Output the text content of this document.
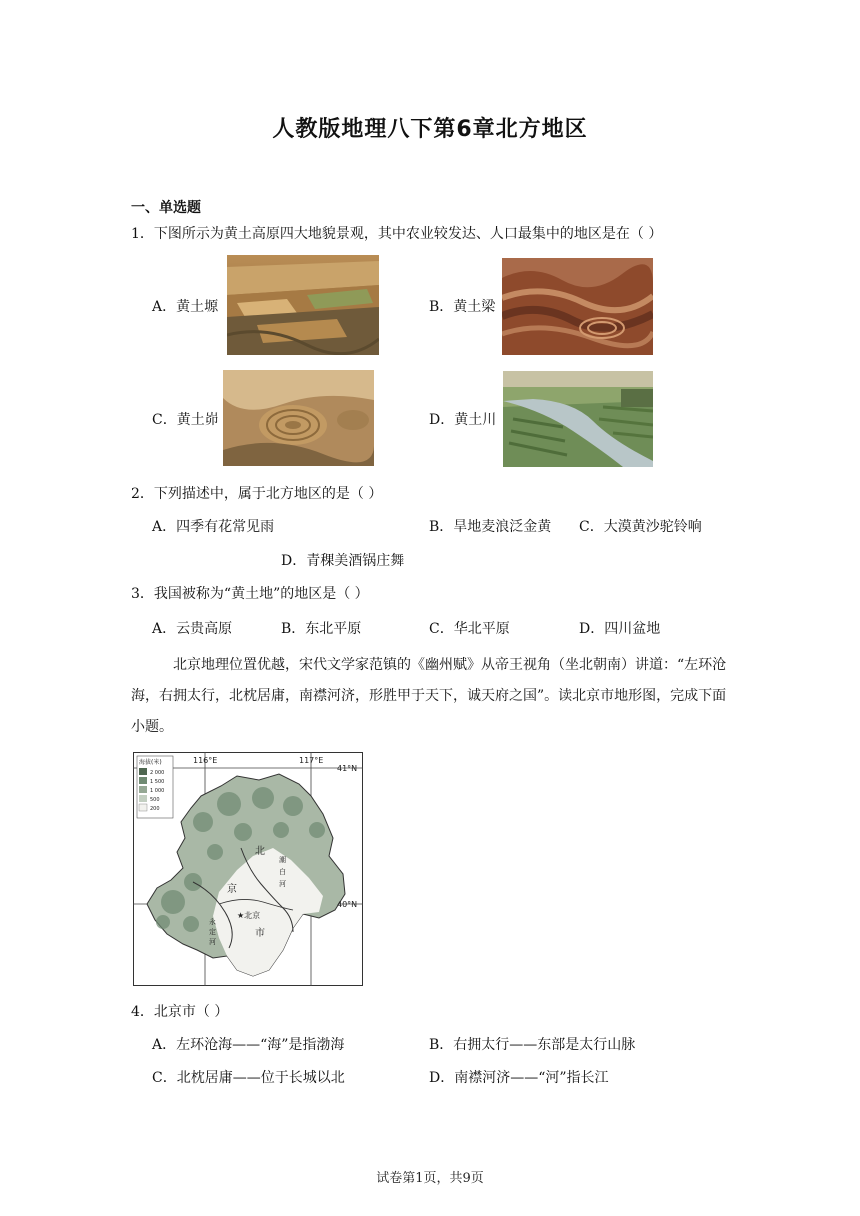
人教版地理八下第6章北方地区
一、单选题
1．下图所示为黄土高原四大地貌景观，其中农业较发达、人口最集中的地区是在（ ）
A．黄土塬	B．黄土梁
C．黄土峁	D．黄土川
2．下列描述中，属于北方地区的是（ ）
A．四季有花常见雨	B．旱地麦浪泛金黄 C．大漠黄沙驼铃响
D．青稞美酒锅庄舞
3．我国被称为“黄土地”的地区是（ ）
A．云贵高原	B．东北平原	C．华北平原	D．四川盆地
北京地理位置优越，宋代文学家范镇的《幽州赋》从帝王视角（坐北朝南）讲道：“左环沧海，右拥太行，北枕居庸，南襟河济，形胜甲于天下，诚天府之国”。读北京市地形图，完成下面小题。
海拔(米)
2 000
1 500
1 000
500
200
116°E	117°E
41°N
40°N
北
京
市
潮
白
河
永
定
河
★北京
4．北京市（ ）
A．左环沧海——“海”是指渤海	B．右拥太行——东部是太行山脉
C．北枕居庸——位于长城以北	D．南襟河济——“河”指长江
试卷第1页，共9页
